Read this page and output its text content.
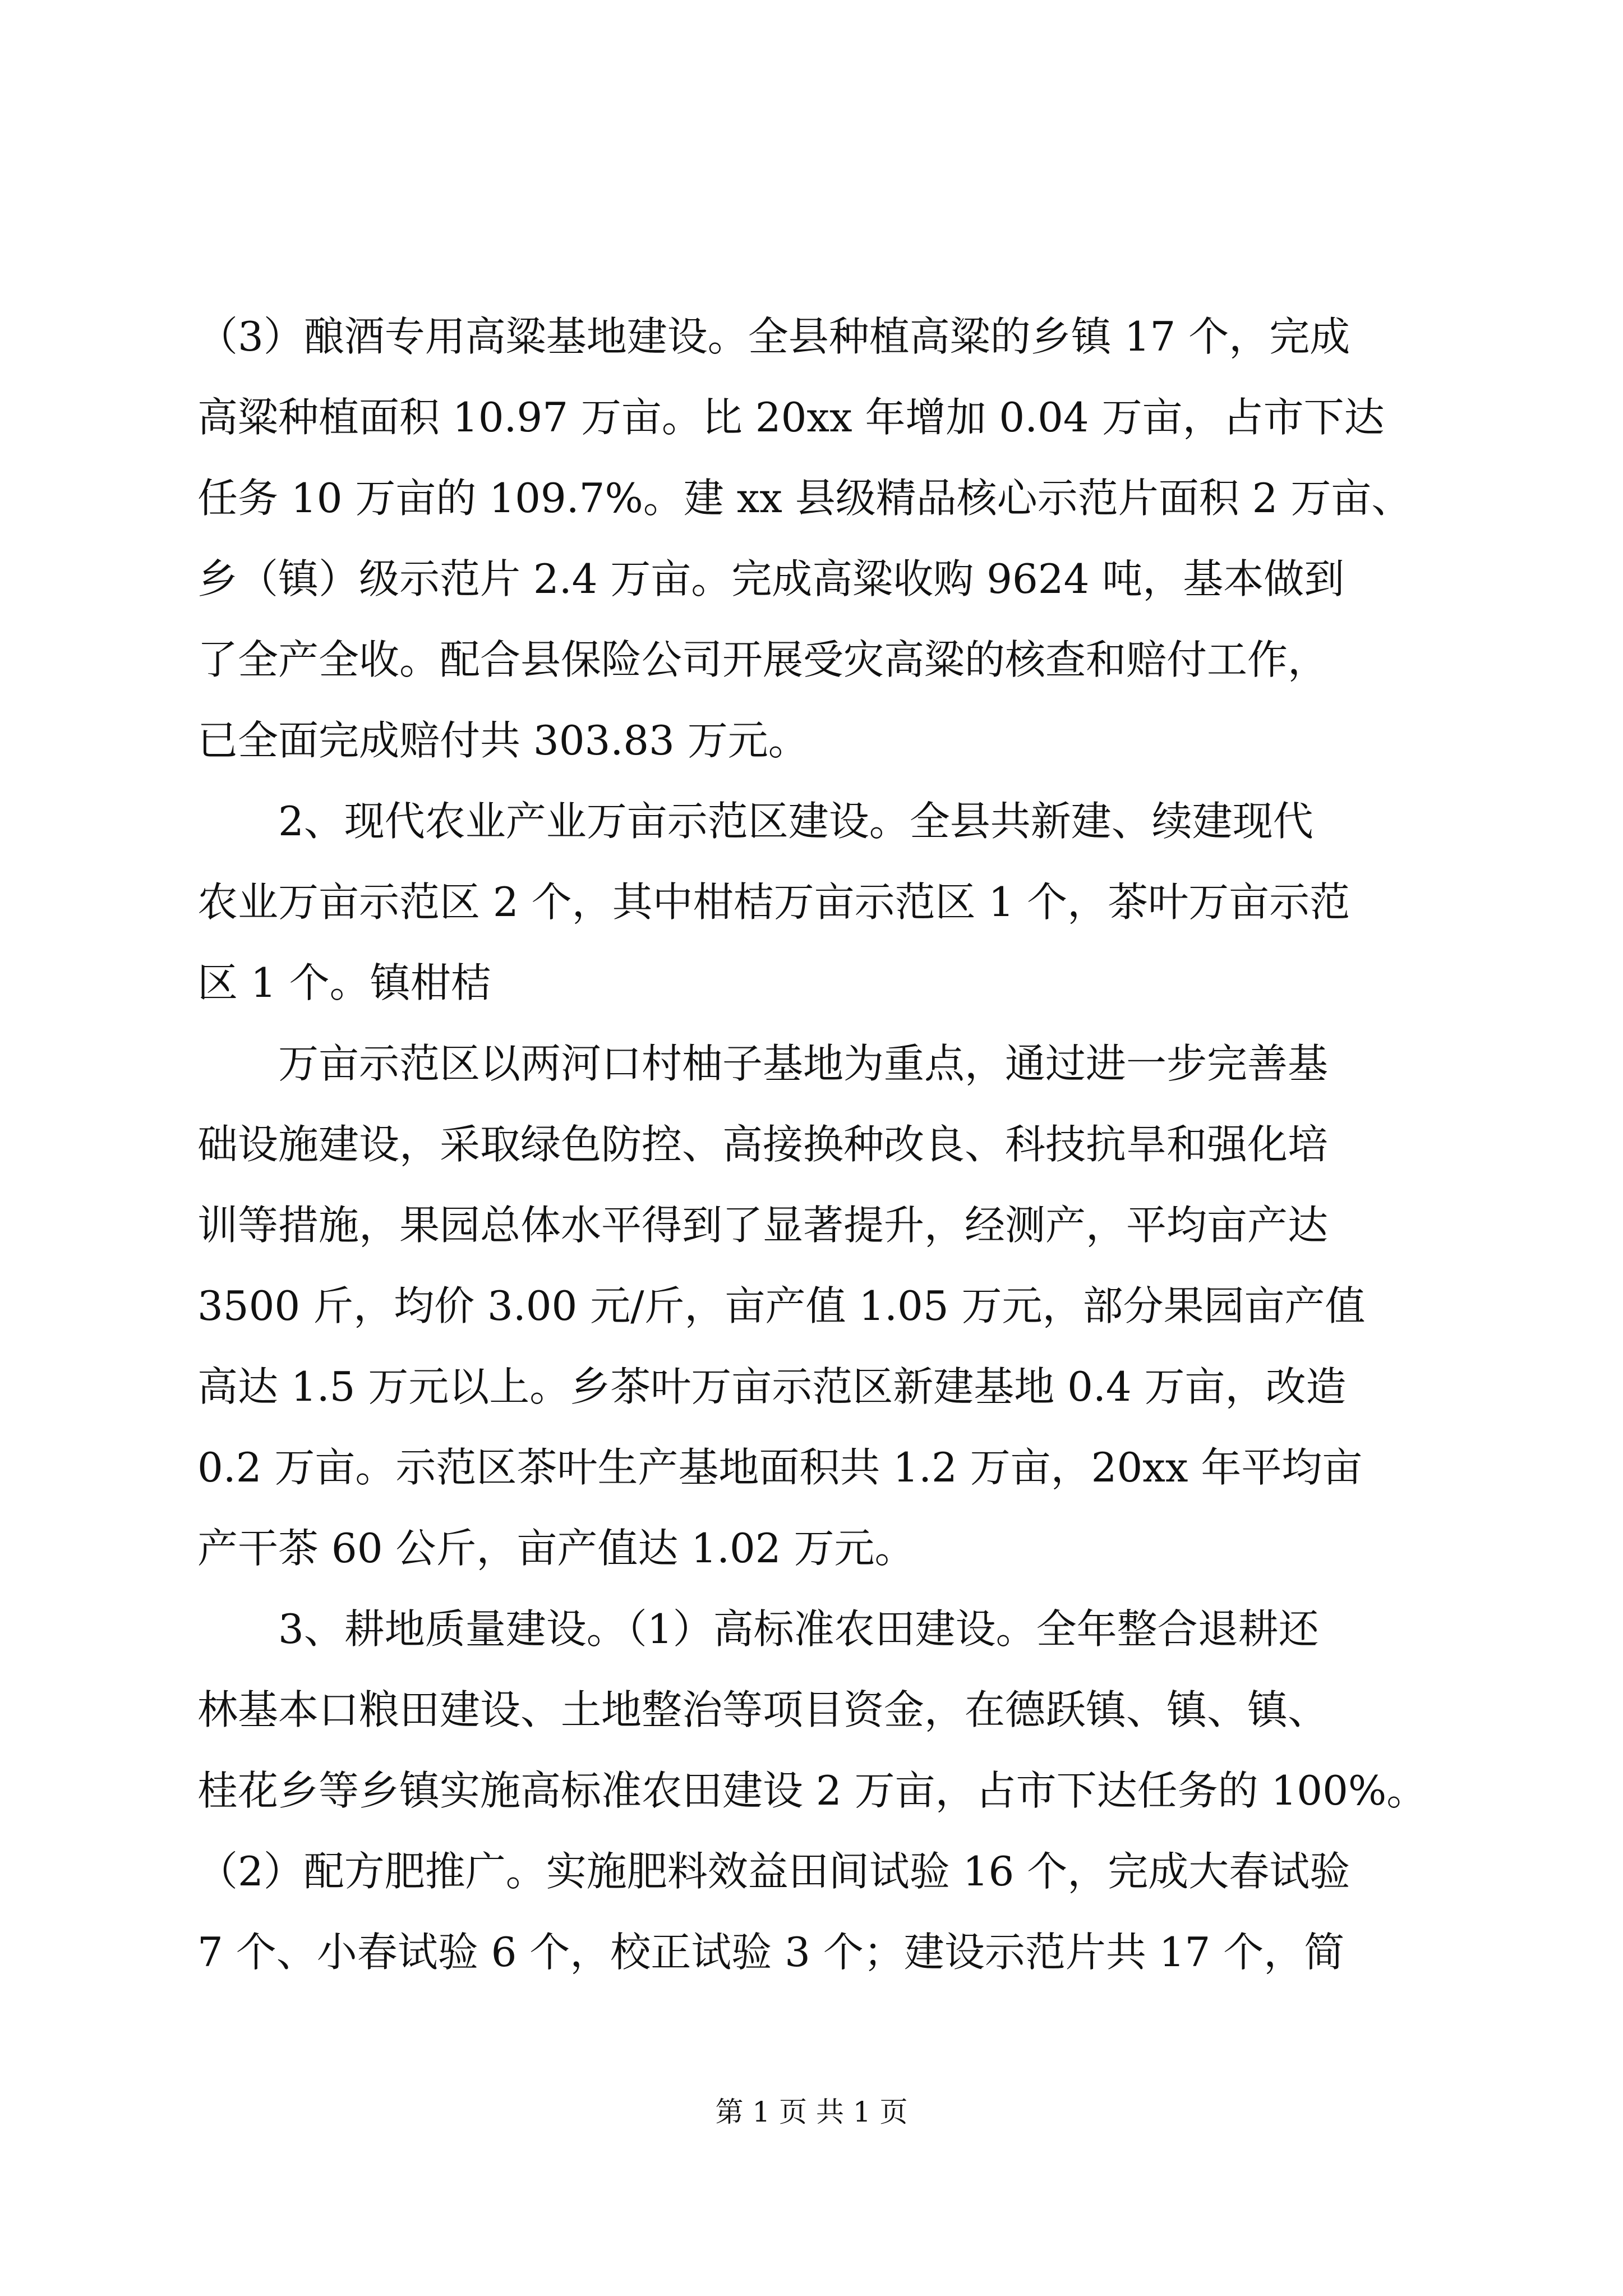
（3）酿酒专用高粱基地建设。全县种植高粱的乡镇 17 个，完成
高粱种植面积 10.97 万亩。比 20xx 年增加 0.04 万亩，占市下达
任务 10 万亩的 109.7%。建 xx 县级精品核心示范片面积 2 万亩、
乡（镇）级示范片 2.4 万亩。完成高粱收购 9624 吨，基本做到
了全产全收。配合县保险公司开展受灾高粱的核查和赔付工作，
已全面完成赔付共 303.83 万元。
2、现代农业产业万亩示范区建设。全县共新建、续建现代
农业万亩示范区 2 个，其中柑桔万亩示范区 1 个，茶叶万亩示范
区 1 个。镇柑桔
万亩示范区以两河口村柚子基地为重点，通过进一步完善基
础设施建设，采取绿色防控、高接换种改良、科技抗旱和强化培
训等措施，果园总体水平得到了显著提升，经测产，平均亩产达
3500 斤，均价 3.00 元/斤，亩产值 1.05 万元，部分果园亩产值
高达 1.5 万元以上。乡茶叶万亩示范区新建基地 0.4 万亩，改造
0.2 万亩。示范区茶叶生产基地面积共 1.2 万亩，20xx 年平均亩
产干茶 60 公斤，亩产值达 1.02 万元。
3、耕地质量建设。（1）高标准农田建设。全年整合退耕还
林基本口粮田建设、土地整治等项目资金，在德跃镇、镇、镇、
桂花乡等乡镇实施高标准农田建设 2 万亩，占市下达任务的 100%。
（2）配方肥推广。实施肥料效益田间试验 16 个，完成大春试验
7 个、小春试验 6 个，校正试验 3 个；建设示范片共 17 个，简
第 1 页 共 1 页
